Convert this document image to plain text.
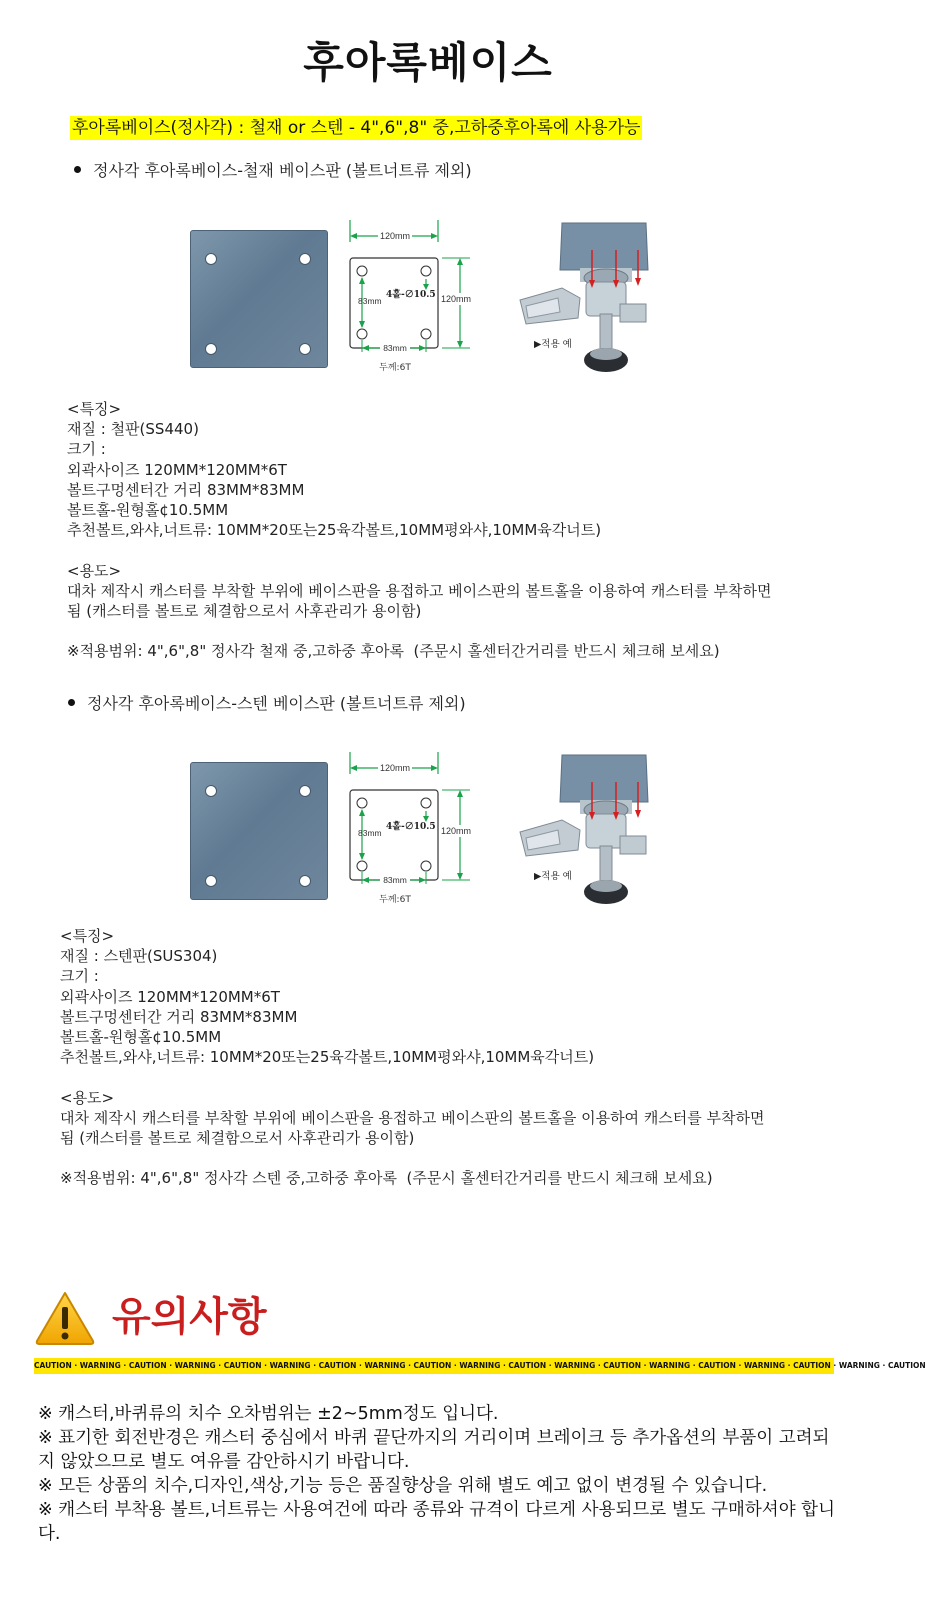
후아록베이스
후아록베이스(정사각) : 철재 or 스텐 - 4",6",8" 중,고하중후아록에 사용가능
정사각 후아록베이스-철재 베이스판 (볼트너트류 제외)
120mm
83mm
4홀-∅10.5
83mm
120mm
두께:6T
▶적용 예
<특징>
재질 : 철판(SS440)
크기 :
외곽사이즈 120MM*120MM*6T
볼트구멍센터간 거리 83MM*83MM
볼트홀-원형홀¢10.5MM
추천볼트,와샤,너트류: 10MM*20또는25육각볼트,10MM평와샤,10MM육각너트)

<용도>
대차 제작시 캐스터를 부착할 부위에 베이스판을 용접하고 베이스판의 볼트홀을 이용하여 캐스터를 부착하면
됨 (캐스터를 볼트로 체결함으로서 사후관리가 용이함)

※적용범위: 4",6",8" 정사각 철재 중,고하중 후아록  (주문시 홀센터간거리를 반드시 체크해 보세요)
정사각 후아록베이스-스텐 베이스판 (볼트너트류 제외)
120mm
83mm
4홀-∅10.5
83mm
120mm
두께:6T
▶적용 예
<특징>
재질 : 스텐판(SUS304)
크기 :
외곽사이즈 120MM*120MM*6T
볼트구멍센터간 거리 83MM*83MM
볼트홀-원형홀¢10.5MM
추천볼트,와샤,너트류: 10MM*20또는25육각볼트,10MM평와샤,10MM육각너트)

<용도>
대차 제작시 캐스터를 부착할 부위에 베이스판을 용접하고 베이스판의 볼트홀을 이용하여 캐스터를 부착하면
됨 (캐스터를 볼트로 체결함으로서 사후관리가 용이함)

※적용범위: 4",6",8" 정사각 스텐 중,고하중 후아록  (주문시 홀센터간거리를 반드시 체크해 보세요)
유의사항
CAUTION · WARNING · CAUTION · WARNING · CAUTION · WARNING · CAUTION · WARNING · CAUTION · WARNING · CAUTION · WARNING · CAUTION · WARNING · CAUTION · WARNING · CAUTION · WARNING · CAUTION
※ 캐스터,바퀴류의 치수 오차범위는 ±2~5mm정도 입니다.
※ 표기한 회전반경은 캐스터 중심에서 바퀴 끝단까지의 거리이며 브레이크 등 추가옵션의 부품이 고려되지 않았으므로 별도 여유를 감안하시기 바랍니다.
※ 모든 상품의 치수,디자인,색상,기능 등은 품질향상을 위해 별도 예고 없이 변경될 수 있습니다.
※ 캐스터 부착용 볼트,너트류는 사용여건에 따라 종류와 규격이 다르게 사용되므로 별도 구매하셔야 합니다.
